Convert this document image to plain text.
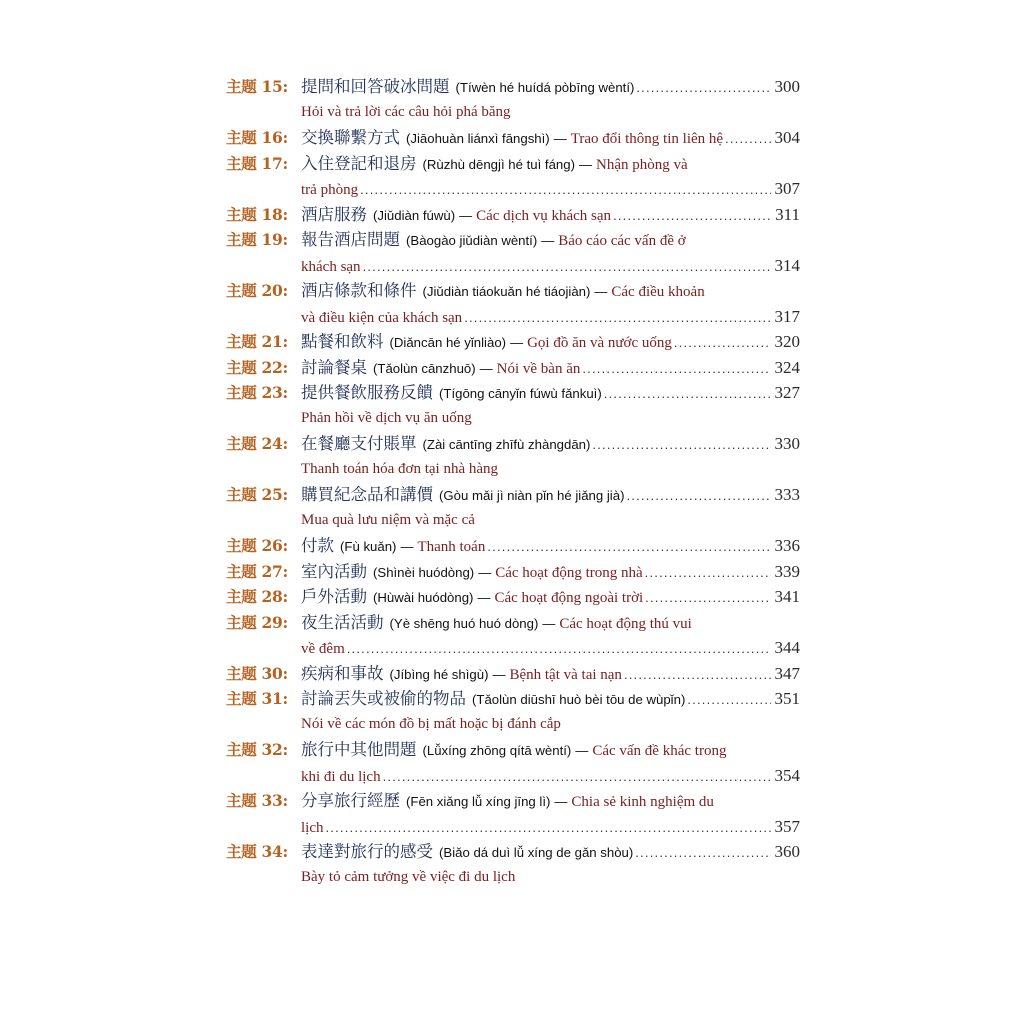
主题 15: 提問和回答破冰問題 (Tíwèn hé huídá pòbīng wèntí) .....	300
Hỏi và trả lời các câu hỏi phá băng
主题 16: 交換聯繫方式 (Jiāohuàn liánxì fāngshì) — Trao đổi thông tin liên hệ .....	304
主题 17: 入住登記和退房 (Rùzhù dēngjì hé tuì fáng) — Nhận phòng và
trả phòng .....	307
主题 18: 酒店服務 (Jiǔdiàn fúwù) — Các dịch vụ khách sạn .....	311
主题 19: 報告酒店問題 (Bàogào jiǔdiàn wèntí) — Báo cáo các vấn đề ở
khách sạn .....	314
主题 20: 酒店條款和條件 (Jiǔdiàn tiáokuǎn hé tiáojiàn) — Các điều khoản
và điều kiện của khách sạn .....	317
主题 21: 點餐和飲料 (Diǎncān hé yǐnliào) — Gọi đồ ăn và nước uống .....	320
主题 22: 討論餐桌 (Tǎolùn cānzhuō) — Nói về bàn ăn .....	324
主题 23: 提供餐飲服務反饋 (Tígōng cānyǐn fúwù fǎnkuì) .....	327
Phản hồi về dịch vụ ăn uống
主题 24: 在餐廳支付賬單 (Zài cāntīng zhīfù zhàngdān) .....	330
Thanh toán hóa đơn tại nhà hàng
主题 25: 購買紀念品和講價 (Gòu mǎi jì niàn pǐn hé jiǎng jià) .....	333
Mua quà lưu niệm và mặc cả
主题 26: 付款 (Fù kuǎn) — Thanh toán .....	336
主题 27: 室內活動 (Shìnèi huódòng) — Các hoạt động trong nhà .....	339
主题 28: 戶外活動 (Hùwài huódòng) — Các hoạt động ngoài trời .....	341
主题 29: 夜生活活動 (Yè shēng huó huó dòng) — Các hoạt động thú vui
về đêm .....	344
主题 30: 疾病和事故 (Jíbìng hé shìgù) — Bệnh tật và tai nạn .....	347
主题 31: 討論丟失或被偷的物品 (Tǎolùn diūshī huò bèi tōu de wùpǐn) .....	351
Nói về các món đồ bị mất hoặc bị đánh cắp
主题 32: 旅行中其他問題 (Lǚxíng zhōng qítā wèntí) — Các vấn đề khác trong
khi đi du lịch .....	354
主题 33: 分享旅行經歷 (Fēn xiǎng lǚ xíng jīng lì) — Chia sẻ kinh nghiệm du
lịch .....	357
主题 34: 表達對旅行的感受 (Biǎo dá duì lǚ xíng de gǎn shòu) .....	360
Bày tỏ cảm tưởng về việc đi du lịch
